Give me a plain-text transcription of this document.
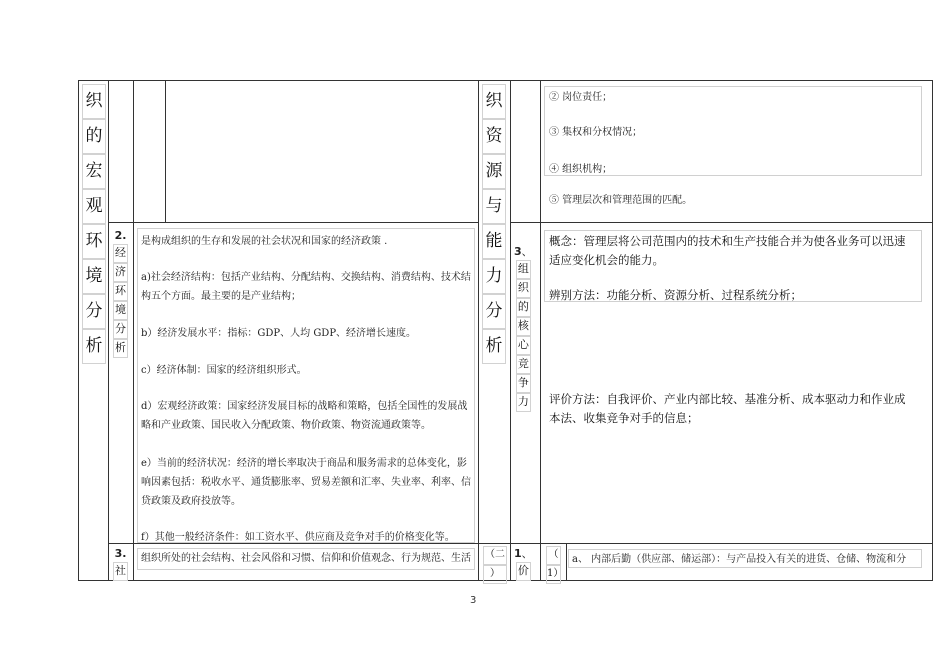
织
的
宏
观
环
境
分
析
织
资
源
与
能
力
分
析
② 岗位责任；
③ 集权和分权情况；
④ 组织机构；
⑤ 管理层次和管理范围的匹配。
2.
经
济
环
境
分
析
是构成组织的生存和发展的社会状况和国家的经济政策 .
a)社会经济结构：包括产业结构、分配结构、交换结构、消费结构、技术结
构五个方面。最主要的是产业结构；
b）经济发展水平：指标：GDP、人均 GDP、经济增长速度。
c）经济体制：国家的经济组织形式。
d）宏观经济政策：国家经济发展目标的战略和策略，包括全国性的发展战
略和产业政策、国民收入分配政策、物价政策、物资流通政策等。
e）当前的经济状况：经济的增长率取决于商品和服务需求的总体变化，影
响因素包括：税收水平、通货膨胀率、贸易差额和汇率、失业率、利率、信
贷政策及政府投放等。
f）其他一般经济条件：如工资水平、供应商及竞争对手的价格变化等。
3、
组
织
的
核
心
竞
争
力
概念：管理层将公司范围内的技术和生产技能合并为使各业务可以迅速
适应变化机会的能力。
辨别方法：功能分析、资源分析、过程系统分析；
评价方法：自我评价、产业内部比较、基准分析、成本驱动力和作业成
本法、收集竞争对手的信息；
3.
社
组织所处的社会结构、社会风俗和习惯、信仰和价值观念、行为规范、生活 （二
）
1、
价
（
1）
a、 内部后勤（供应部、储运部）：与产品投入有关的进货、仓储、物流和分
3
